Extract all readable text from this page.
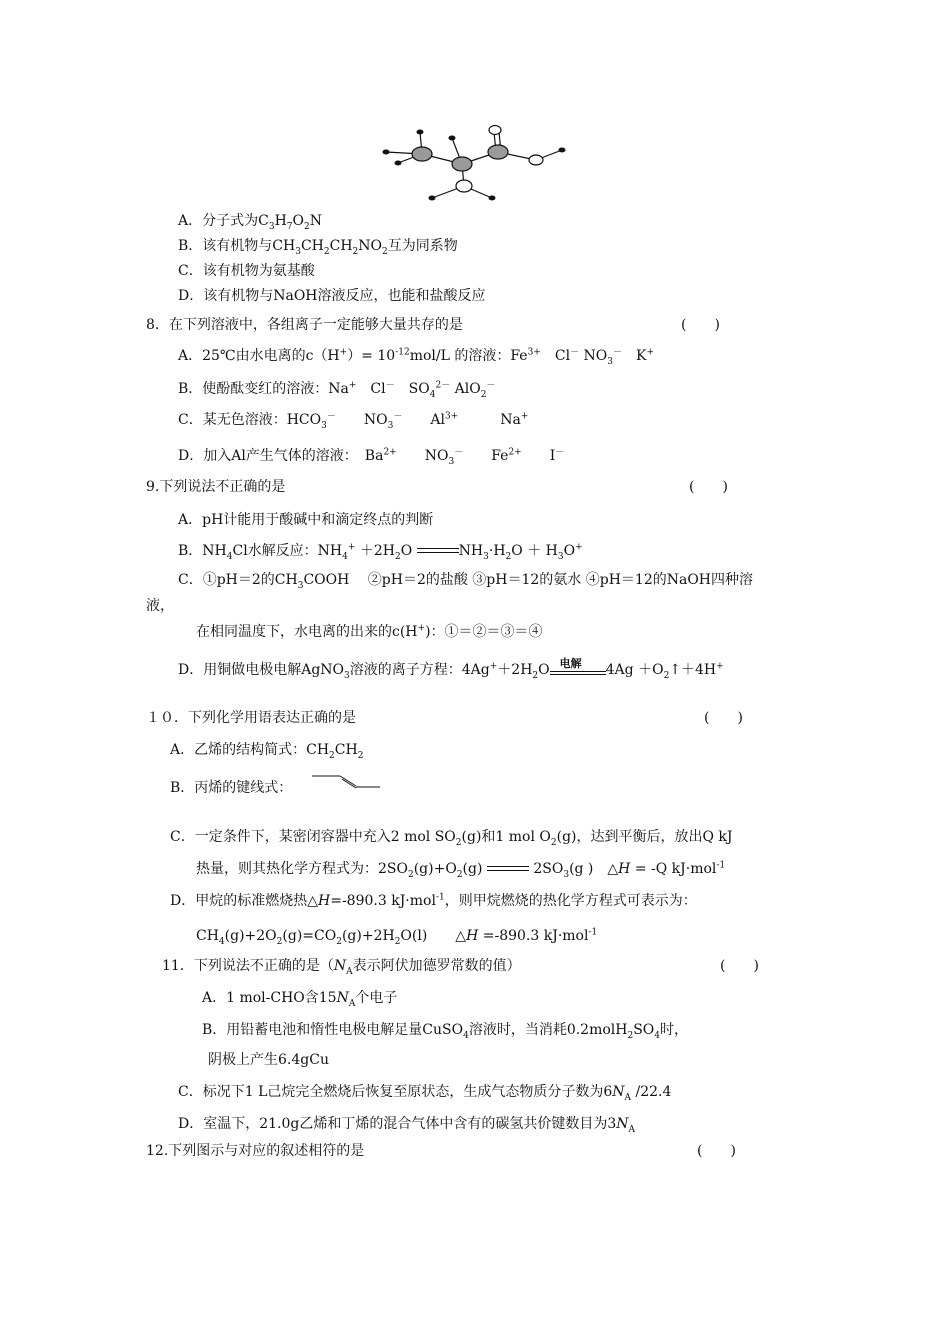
A．分子式为$C_3H_7O_2N$
B．该有机物与$CH_3CH_2CH_2NO_2$互为同系物
C．该有机物为氨基酸
D．该有机物与NaOH溶液反应，也能和盐酸反应
8．在下列溶液中，各组离子一定能够大量共存的是	(　　)
A．25℃由水电离的$c(H^+)= 10^{-12}mol/L$ 的溶液：$Fe^{3+}$　Cl－ $NO_3^-$　K+
B．使酚酞变红的溶液：Na+　Cl－　$SO_4^{2-}$ AlO$_2$－
C．某无色溶液：$HCO_3^-$　　$NO_3^-$　　$Al^{3+}$　　　Na+
D．加入Al产生气体的溶液：　$Ba^{2+}$　　$NO_3^-$　　$Fe^{2+}$　　I－
9.下列说法不正确的是	(　　)
A．pH计能用于酸碱中和滴定终点的判断
B．$NH_4Cl$水解反应：$NH_4^+ +2H_2O$	$NH_3\cdot H_2O + H_3O^+$
C．①pH＝2的$CH_3COOH$　 ②pH＝2的盐酸 ③pH＝12的氨水 ④pH＝12的NaOH四种溶
液，
在相同温度下，水电离的出来的c(H+)：①＝②＝③＝④
D．用铜做电极电解AgNO$_3$溶液的离子方程：$4Ag^++2H_2O$ 电解 $4Ag +O_2↑+4H^+$
１０．下列化学用语表达正确的是	(　　)
A．乙烯的结构简式：$CH_2CH_2$
B．丙烯的键线式：
C．一定条件下，某密闭容器中充入2 mol $SO_2(g)$和1 mol $O_2(g)$，达到平衡后，放出Q kJ
热量，则其热化学方程式为：$2SO_2(g)+O_2(g)$	$2SO_3(g$ )　△H = -Q kJ·mol$^{-1}$
D．甲烷的标准燃烧热△H=-890.3 kJ·mol$^{-1}$，则甲烷燃烧的热化学方程式可表示为：
$CH_4(g)+2O_2(g)=CO_2(g)+2H_2O(l)$　　△H =-890.3 kJ·mol$^{-1}$
11．下列说法不正确的是（$N_A$表示阿伏加德罗常数的值）	(　　)
A．1 mol-CHO含$15N_A$个电子
B．用铅蓄电池和惰性电极电解足量CuSO$_4$溶液时，当消耗$0.2molH_2SO_4$时，
阴极上产生6.4gCu
C．标况下1 L己烷完全燃烧后恢复至原状态，生成气态物质分子数为$6N_A$ /22.4
D．室温下，21.0g乙烯和丁烯的混合气体中含有的碳氢共价键数目为$3N_A$
12.下列图示与对应的叙述相符的是	(　　)
